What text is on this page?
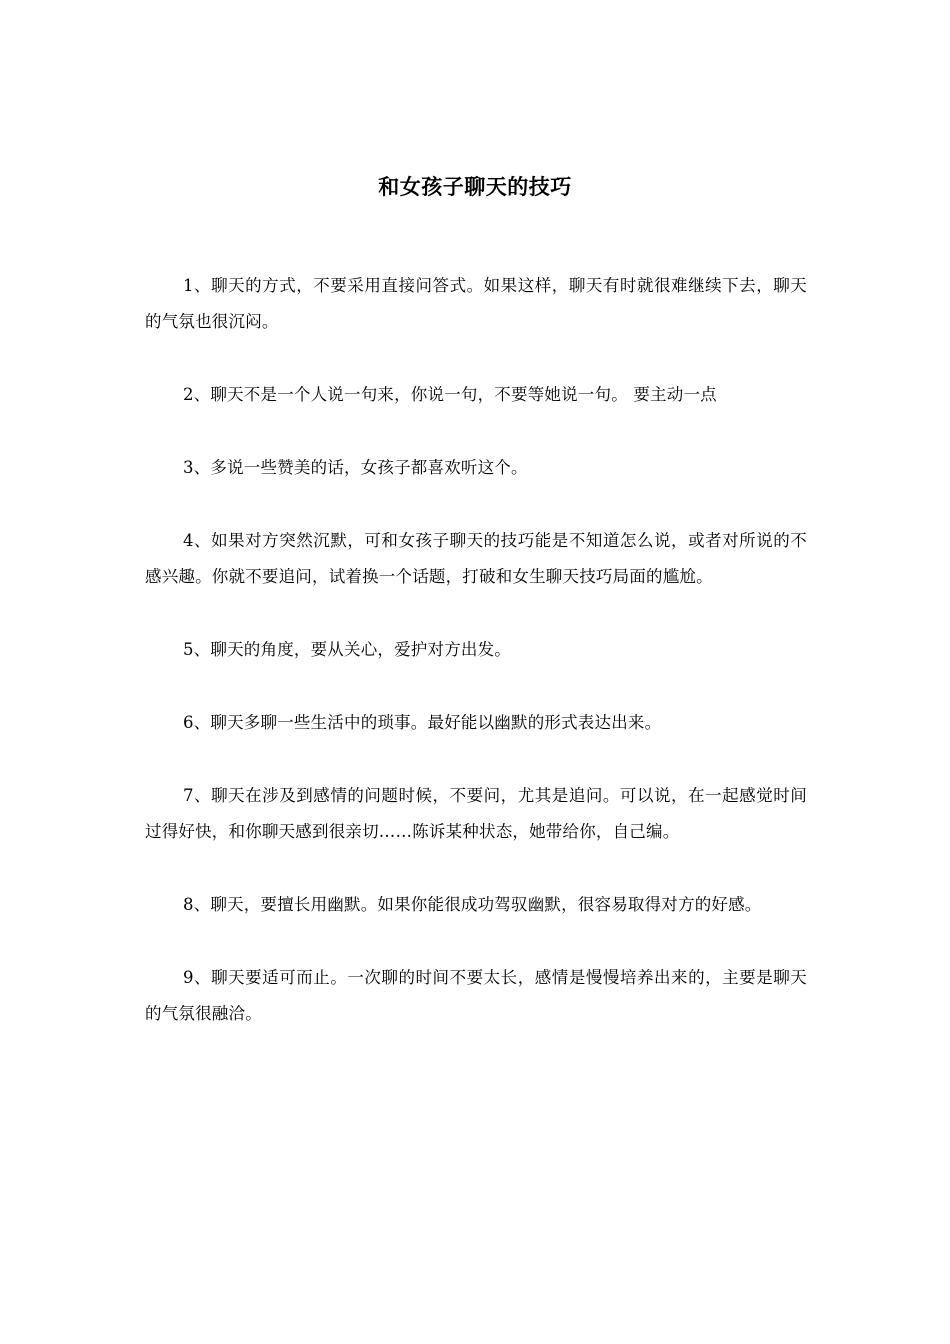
和女孩子聊天的技巧

1、聊天的方式，不要采用直接问答式。如果这样，聊天有时就很难继续下去，聊天的气氛也很沉闷。

2、聊天不是一个人说一句来，你说一句，不要等她说一句。 要主动一点

3、多说一些赞美的话，女孩子都喜欢听这个。

4、如果对方突然沉默，可和女孩子聊天的技巧能是不知道怎么说，或者对所说的不感兴趣。你就不要追问，试着换一个话题，打破和女生聊天技巧局面的尴尬。

5、聊天的角度，要从关心，爱护对方出发。

6、聊天多聊一些生活中的琐事。最好能以幽默的形式表达出来。

7、聊天在涉及到感情的问题时候，不要问，尤其是追问。可以说，在一起感觉时间过得好快，和你聊天感到很亲切……陈诉某种状态，她带给你，自己编。

8、聊天，要擅长用幽默。如果你能很成功驾驭幽默，很容易取得对方的好感。

9、聊天要适可而止。一次聊的时间不要太长，感情是慢慢培养出来的，主要是聊天的气氛很融洽。
